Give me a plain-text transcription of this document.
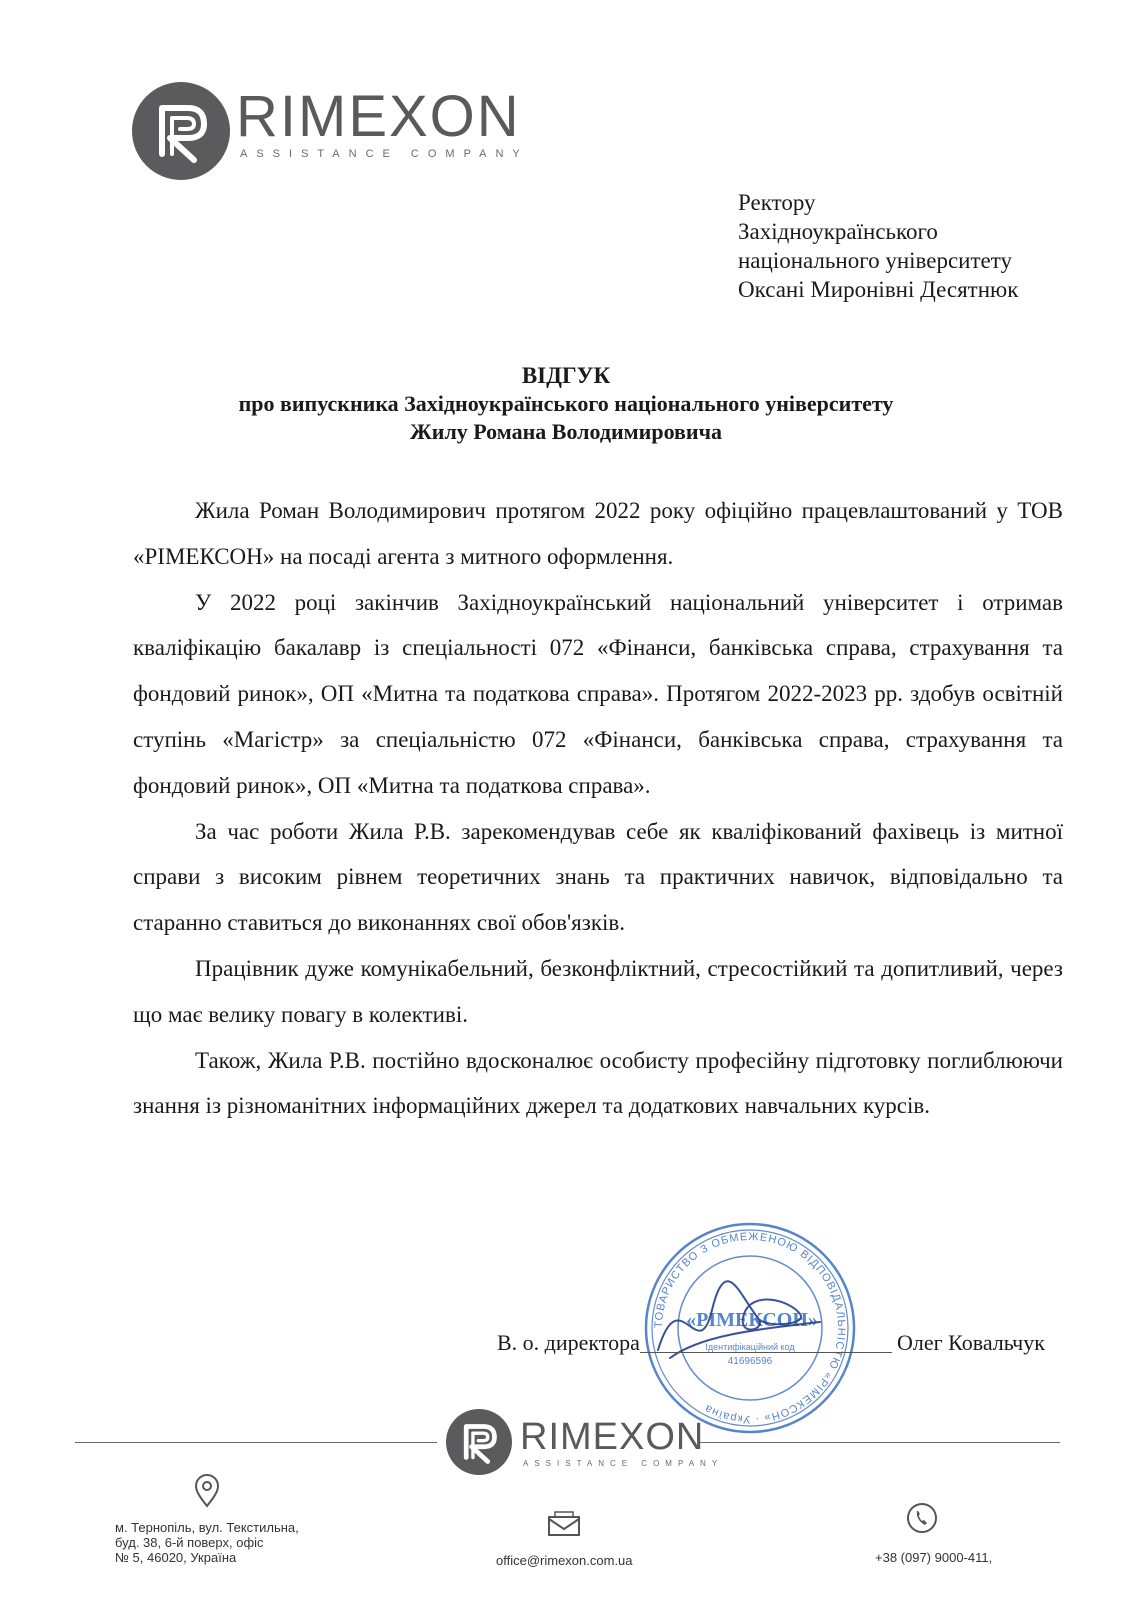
RIMEXON
ASSISTANCE COMPANY
Ректору
Західноукраїнського
національного університету
Оксані Миронівні Десятнюк
ВІДГУК
про випускника Західноукраїнського національного університету
Жилу Романа Володимировича

Жила Роман Володимирович протягом 2022 року офіційно працевлаштований у ТОВ «РІМЕКСОН» на посаді агента з митного оформлення.

У 2022 році закінчив Західноукраїнський національний університет і отримав кваліфікацію бакалавр із спеціальності 072 «Фінанси, банківська справа, страхування та фондовий ринок», ОП «Митна та податкова справа». Протягом 2022-2023 рр. здобув освітній ступінь «Магістр» за спеціальністю 072 «Фінанси, банківська справа, страхування та фондовий ринок», ОП «Митна та податкова справа».

За час роботи Жила Р.В. зарекомендував себе як кваліфікований фахівець із митної справи з високим рівнем теоретичних знань та практичних навичок, відповідально та старанно ставиться до виконаннях свої обов'язків.

Працівник дуже комунікабельний, безконфліктний, стресостійкий та допитливий, через що має велику повагу в колективі.

Також, Жила Р.В. постійно вдосконалює особисту професійну підготовку поглиблюючи знання із різноманітних інформаційних джерел та додаткових навчальних курсів.

ТОВАРИСТВО З ОБМЕЖЕНОЮ ВІДПОВІДАЛЬНІСТЮ «РІМЕКСОН» · Україна
«РІМЕКСОН»
Ідентифікаційний код
41696596
В. о. директора	Олег Ковальчук
RIMEXON
ASSISTANCE COMPANY
м. Тернопіль, вул. Текстильна,
буд. 38, 6-й поверх, офіс
№ 5, 46020, Україна	office@rimexon.com.ua	+38 (097) 9000-411,
